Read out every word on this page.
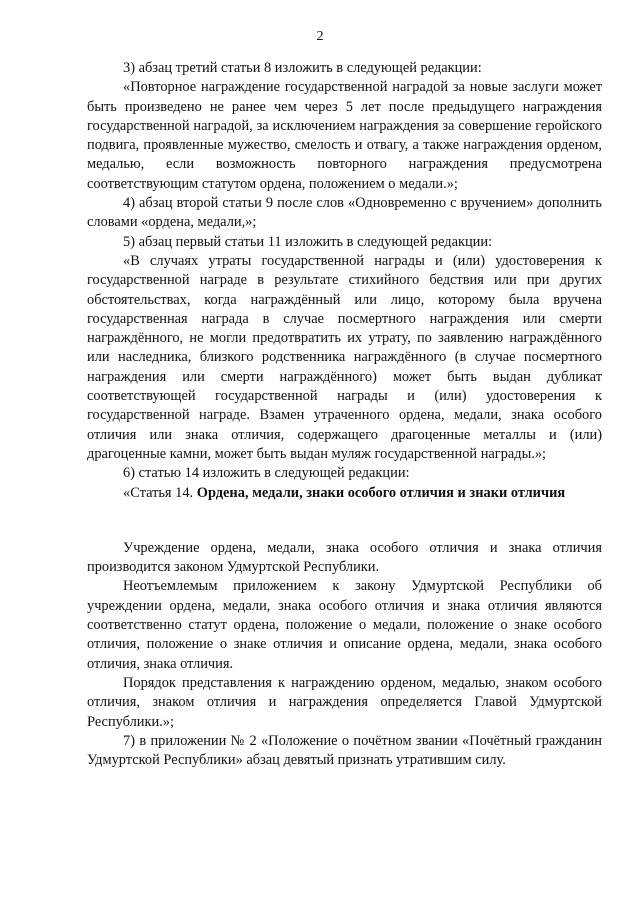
2

3) абзац третий статьи 8 изложить в следующей редакции:

«Повторное награждение государственной наградой за новые заслуги может быть произведено не ранее чем через 5 лет после предыдущего награждения государственной наградой, за исключением награждения за совершение геройского подвига, проявленные мужество, смелость и отвагу, а также награждения орденом, медалью, если возможность повторного награждения предусмотрена соответствующим статутом ордена, положением о медали.»;

4) абзац второй статьи 9 после слов «Одновременно с вручением» дополнить словами «ордена, медали,»;

5) абзац первый статьи 11 изложить в следующей редакции:

«В случаях утраты государственной награды и (или) удостоверения к государственной награде в результате стихийного бедствия или при других обстоятельствах, когда награждённый или лицо, которому была вручена государственная награда в случае посмертного награждения или смерти награждённого, не могли предотвратить их утрату, по заявлению награждённого или наследника, близкого родственника награждённого (в случае посмертного награждения или смерти награждённого) может быть выдан дубликат соответствующей государственной награды и (или) удостоверения к государственной награде. Взамен утраченного ордена, медали, знака особого отличия или знака отличия, содержащего драгоценные металлы и (или) драгоценные камни, может быть выдан муляж государственной награды.»;

6) статью 14 изложить в следующей редакции:

«Статья 14. Ордена, медали, знаки особого отличия и знаки отличия

Учреждение ордена, медали, знака особого отличия и знака отличия производится законом Удмуртской Республики.

Неотъемлемым приложением к закону Удмуртской Республики об учреждении ордена, медали, знака особого отличия и знака отличия являются соответственно статут ордена, положение о медали, положение о знаке особого отличия, положение о знаке отличия и описание ордена, медали, знака особого отличия, знака отличия.

Порядок представления к награждению орденом, медалью, знаком особого отличия, знаком отличия и награждения определяется Главой Удмуртской Республики.»;

7) в приложении № 2 «Положение о почётном звании «Почётный гражданин Удмуртской Республики» абзац девятый признать утратившим силу.
